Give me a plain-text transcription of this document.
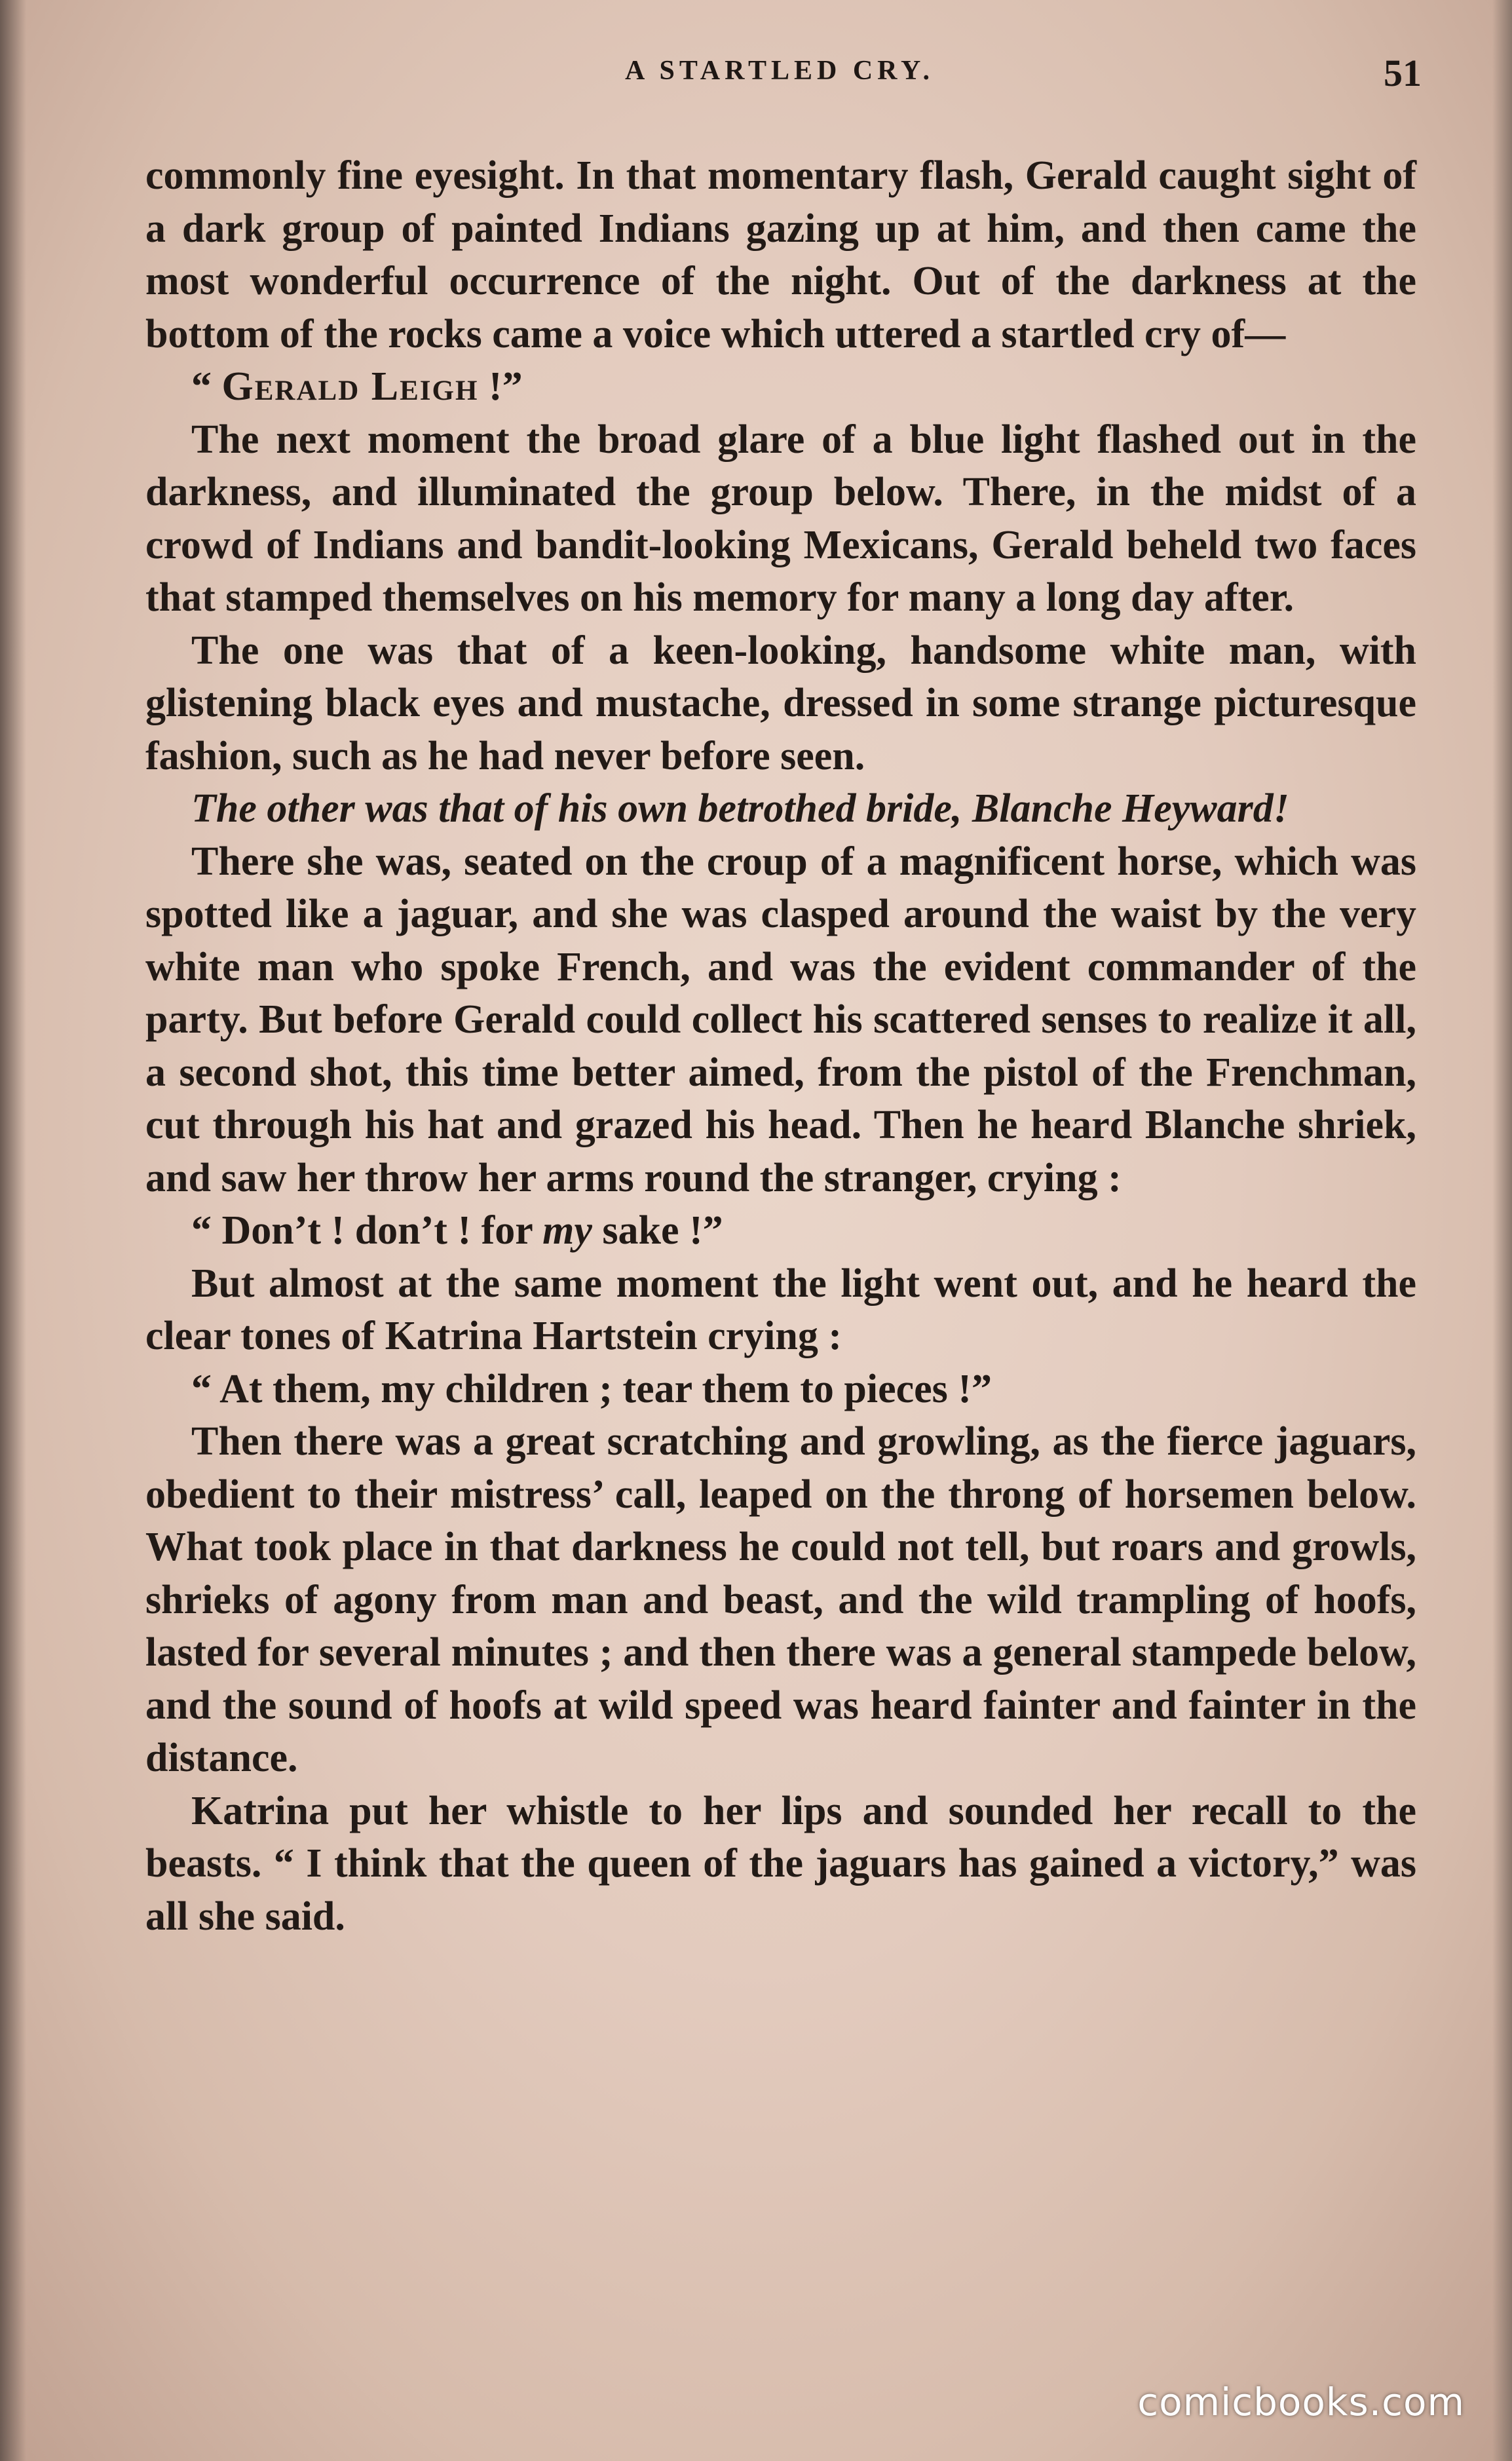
A STARTLED CRY.	51

commonly fine eyesight. In that momentary flash, Gerald caught sight of a dark group of painted Indians gazing up at him, and then came the most wonderful occurrence of the night. Out of the darkness at the bottom of the rocks came a voice which uttered a startled cry of—

“ Gerald Leigh !”

The next moment the broad glare of a blue light flashed out in the darkness, and illuminated the group below. There, in the midst of a crowd of Indians and bandit-looking Mexicans, Gerald beheld two faces that stamped themselves on his memory for many a long day after.

The one was that of a keen-looking, handsome white man, with glistening black eyes and mustache, dressed in some strange picturesque fashion, such as he had never before seen.

The other was that of his own betrothed bride, Blanche Heyward!

There she was, seated on the croup of a magnificent horse, which was spotted like a jaguar, and she was clasped around the waist by the very white man who spoke French, and was the evident commander of the party. But before Gerald could collect his scattered senses to realize it all, a second shot, this time better aimed, from the pistol of the Frenchman, cut through his hat and grazed his head. Then he heard Blanche shriek, and saw her throw her arms round the stranger, crying :

“ Don’t ! don’t ! for my sake !”

But almost at the same moment the light went out, and he heard the clear tones of Katrina Hartstein crying :

“ At them, my children ; tear them to pieces !”

Then there was a great scratching and growling, as the fierce jaguars, obedient to their mistress’ call, leaped on the throng of horsemen below. What took place in that darkness he could not tell, but roars and growls, shrieks of agony from man and beast, and the wild trampling of hoofs, lasted for several minutes ; and then there was a general stampede below, and the sound of hoofs at wild speed was heard fainter and fainter in the distance.

Katrina put her whistle to her lips and sounded her recall to the beasts. “ I think that the queen of the jaguars has gained a victory,” was all she said.

comicbooks.com
